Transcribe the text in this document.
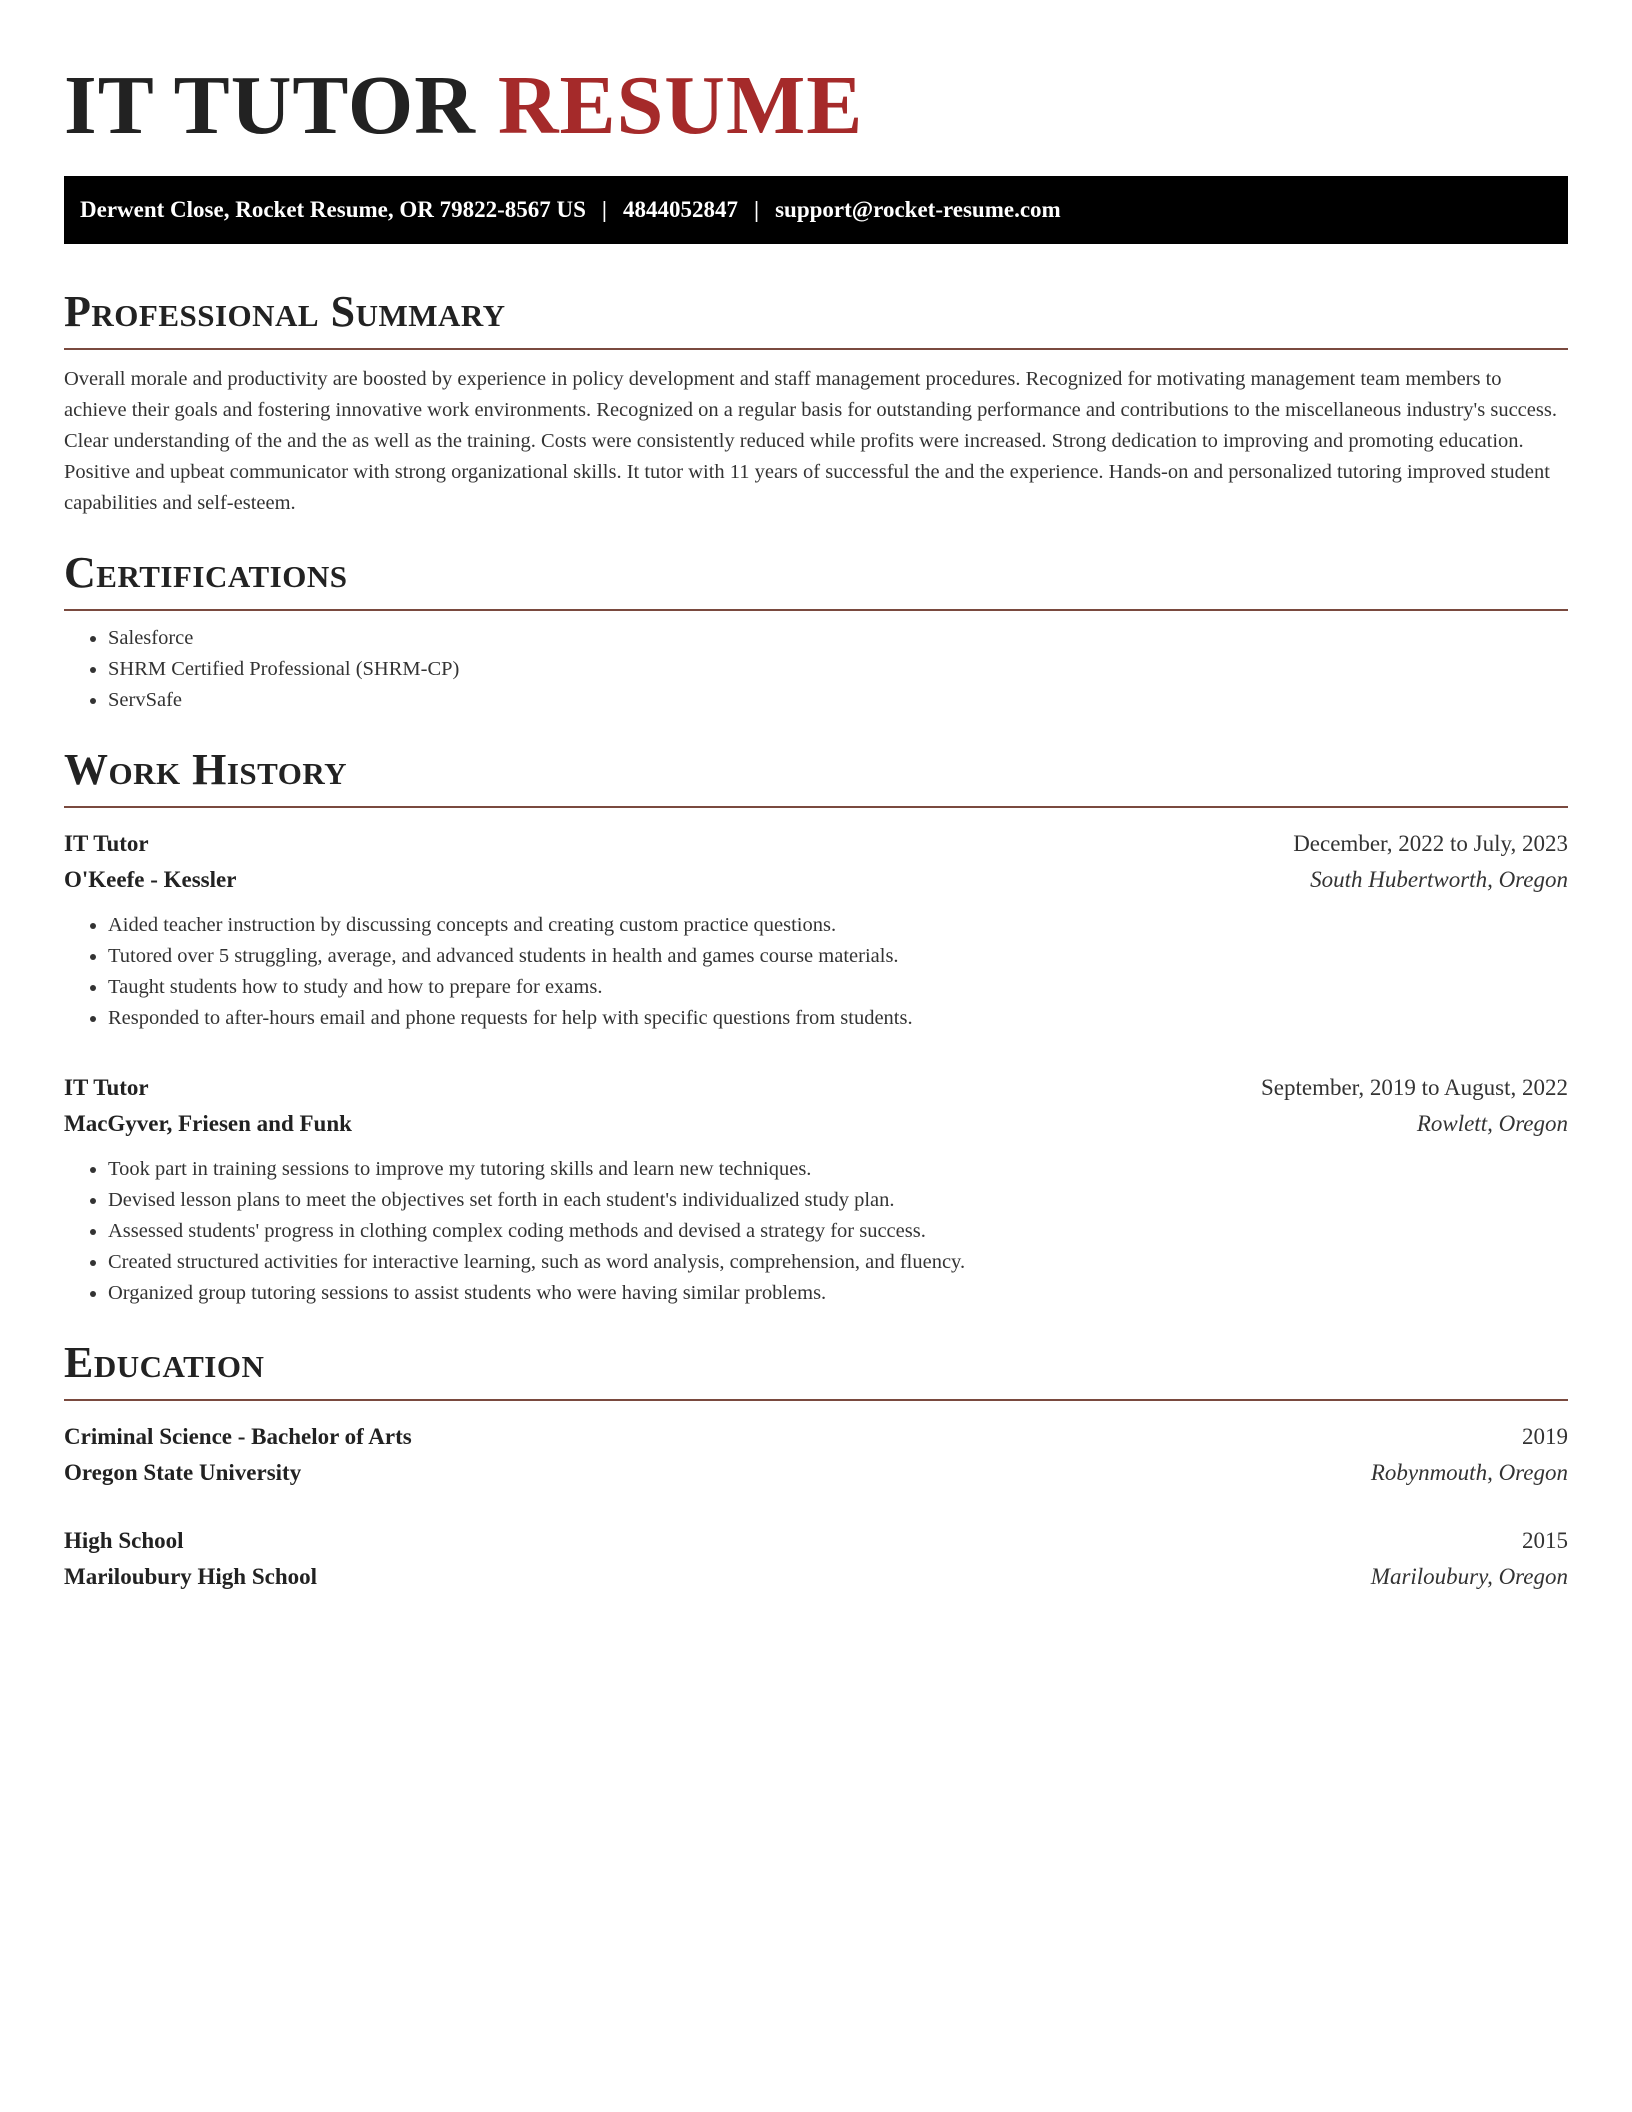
IT TUTOR RESUME
Derwent Close, Rocket Resume, OR 79822-8567 US | 4844052847 | support@rocket-resume.com
Professional Summary

Overall morale and productivity are boosted by experience in policy development and staff management procedures. Recognized for motivating management team members to achieve their goals and fostering innovative work environments. Recognized on a regular basis for outstanding performance and contributions to the miscellaneous industry's success. Clear understanding of the and the as well as the training. Costs were consistently reduced while profits were increased. Strong dedication to improving and promoting education. Positive and upbeat communicator with strong organizational skills. It tutor with 11 years of successful the and the experience. Hands-on and personalized tutoring improved student capabilities and self-esteem.

Certifications
• Salesforce
• SHRM Certified Professional (SHRM-CP)
• ServSafe
Work History
IT Tutor	December, 2022 to July, 2023
O'Keefe - Kessler	South Hubertworth, Oregon
• Aided teacher instruction by discussing concepts and creating custom practice questions.
• Tutored over 5 struggling, average, and advanced students in health and games course materials.
• Taught students how to study and how to prepare for exams.
• Responded to after-hours email and phone requests for help with specific questions from students.
IT Tutor	September, 2019 to August, 2022
MacGyver, Friesen and Funk	Rowlett, Oregon
• Took part in training sessions to improve my tutoring skills and learn new techniques.
• Devised lesson plans to meet the objectives set forth in each student's individualized study plan.
• Assessed students' progress in clothing complex coding methods and devised a strategy for success.
• Created structured activities for interactive learning, such as word analysis, comprehension, and fluency.
• Organized group tutoring sessions to assist students who were having similar problems.
Education
Criminal Science - Bachelor of Arts	2019
Oregon State University	Robynmouth, Oregon
High School	2015
Mariloubury High School	Mariloubury, Oregon
